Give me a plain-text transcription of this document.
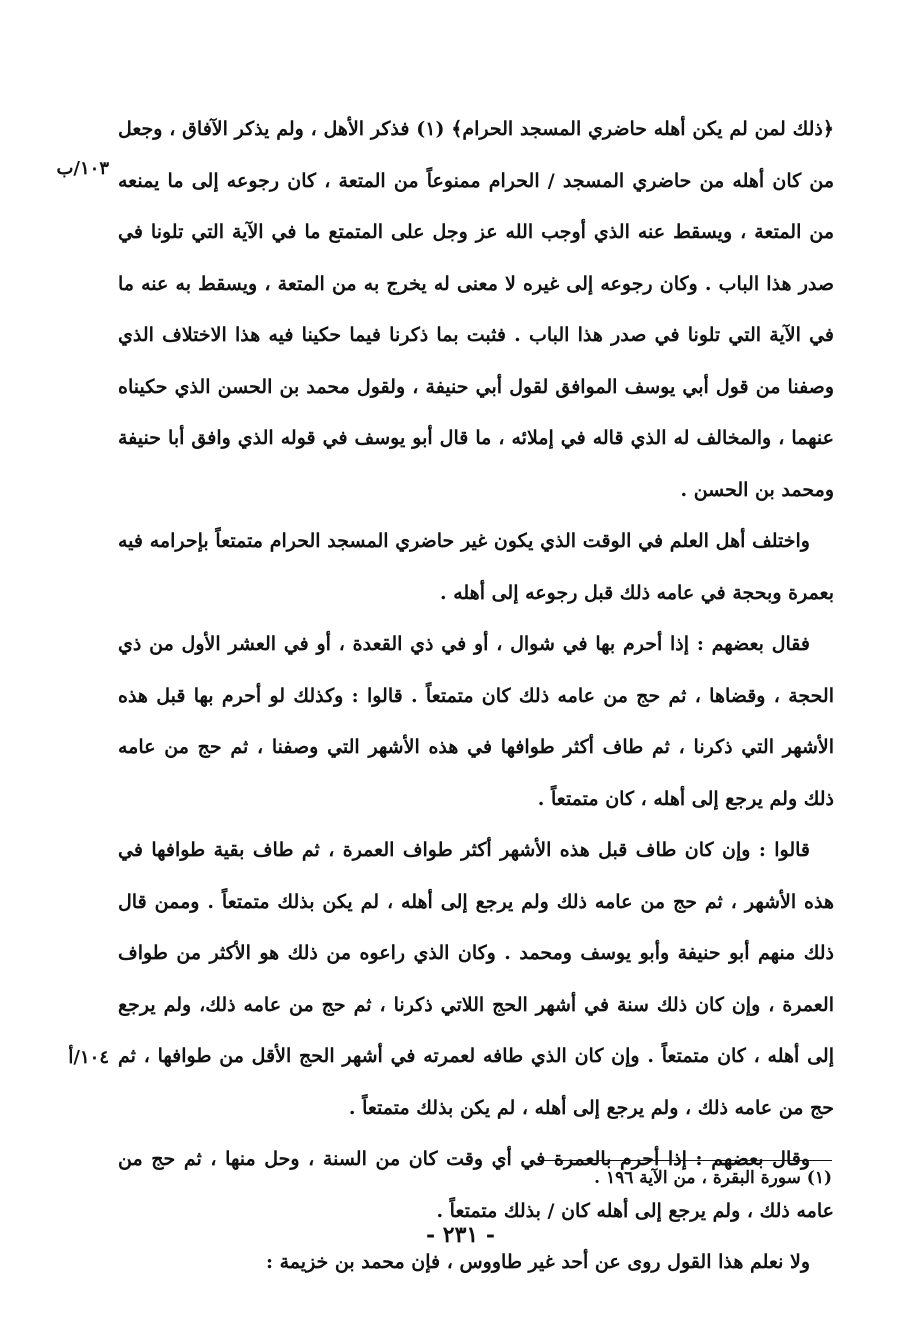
١٠٣/ب
١٠٤/أ

﴿ذلك لمن لم يكن أهله حاضري المسجد الحرام﴾ (١) فذكر الأهل ، ولم يذكر الآفاق ، وجعل من كان أهله من حاضري المسجد / الحرام ممنوعاً من المتعة ، كان رجوعه إلى ما يمنعه من المتعة ، ويسقط عنه الذي أوجب الله عز وجل على المتمتع ما في الآية التي تلونا في صدر هذا الباب . وكان رجوعه إلى غيره لا معنى له يخرج به من المتعة ، ويسقط به عنه ما في الآية التي تلونا في صدر هذا الباب . فثبت بما ذكرنا فيما حكينا فيه هذا الاختلاف الذي وصفنا من قول أبي يوسف الموافق لقول أبي حنيفة ، ولقول محمد بن الحسن الذي حكيناه عنهما ، والمخالف له الذي قاله في إملائه ، ما قال أبو يوسف في قوله الذي وافق أبا حنيفة ومحمد بن الحسن .

واختلف أهل العلم في الوقت الذي يكون غير حاضري المسجد الحرام متمتعاً بإحرامه فيه بعمرة وبحجة في عامه ذلك قبل رجوعه إلى أهله .

فقال بعضهم : إذا أحرم بها في شوال ، أو في ذي القعدة ، أو في العشر الأول من ذي الحجة ، وقضاها ، ثم حج من عامه ذلك كان متمتعاً . قالوا : وكذلك لو أحرم بها قبل هذه الأشهر التي ذكرنا ، ثم طاف أكثر طوافها في هذه الأشهر التي وصفنا ، ثم حج من عامه ذلك ولم يرجع إلى أهله ، كان متمتعاً .

قالوا : وإن كان طاف قبل هذه الأشهر أكثر طواف العمرة ، ثم طاف بقية طوافها في هذه الأشهر ، ثم حج من عامه ذلك ولم يرجع إلى أهله ، لم يكن بذلك متمتعاً . وممن قال ذلك منهم أبو حنيفة وأبو يوسف ومحمد . وكان الذي راعوه من ذلك هو الأكثر من طواف العمرة ، وإن كان ذلك سنة في أشهر الحج اللاتي ذكرنا ، ثم حج من عامه ذلك، ولم يرجع إلى أهله ، كان متمتعاً . وإن كان الذي طافه لعمرته في أشهر الحج الأقل من طوافها ، ثم حج من عامه ذلك ، ولم يرجع إلى أهله ، لم يكن بذلك متمتعاً .

وقال بعضهم : إذا أحرم بالعمرة في أي وقت كان من السنة ، وحل منها ، ثم حج من عامه ذلك ، ولم يرجع إلى أهله كان / بذلك متمتعاً .

ولا نعلم هذا القول روى عن أحد غير طاووس ، فإن محمد بن خزيمة :

(١) سورة البقرة ، من الآية ١٩٦ .
- ٢٣١ -
